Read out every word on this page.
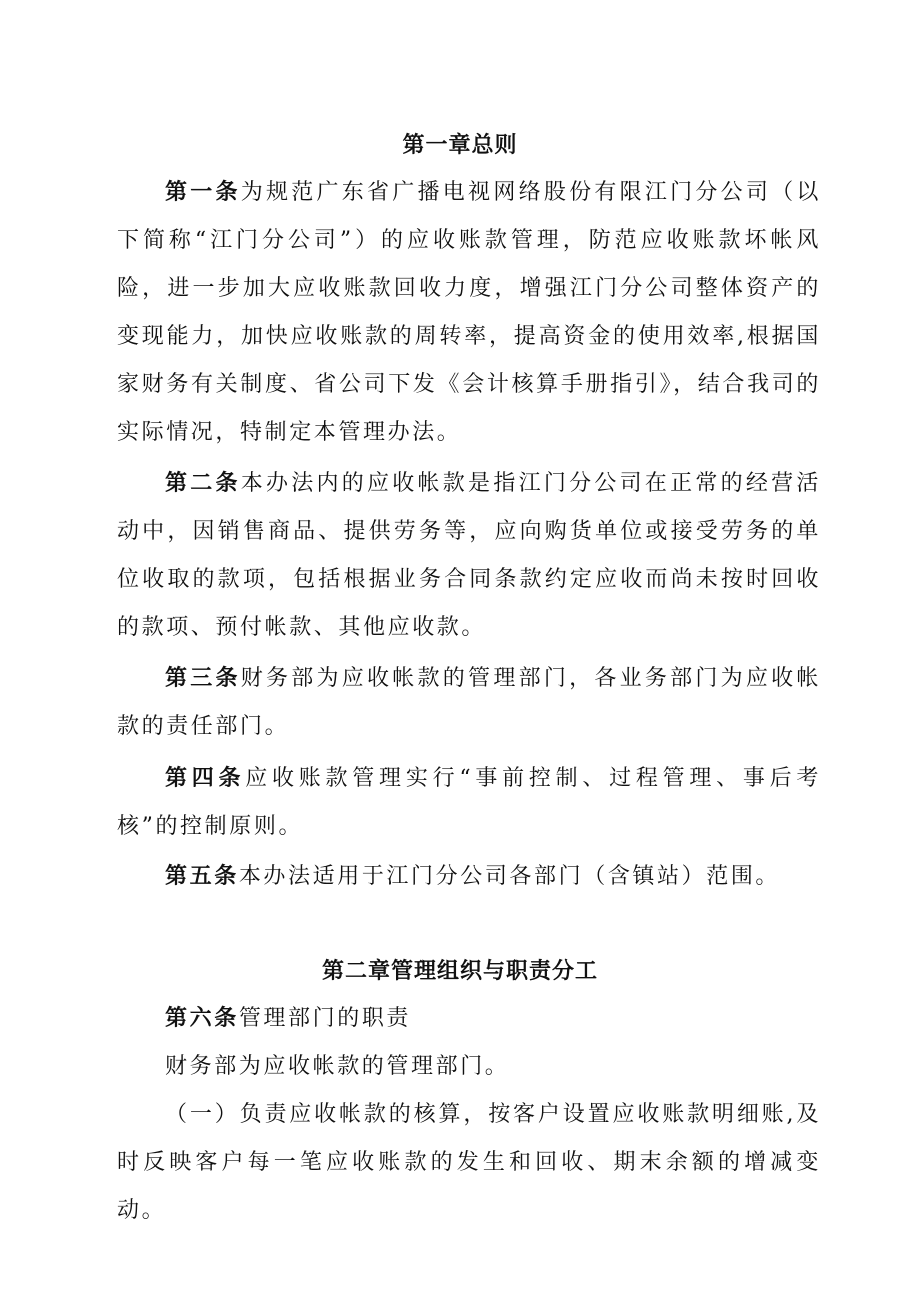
第一章总则

第一条为规范广东省广播电视网络股份有限江门分公司（以下简称“江门分公司”）的应收账款管理，防范应收账款坏帐风险，进一步加大应收账款回收力度，增强江门分公司整体资产的变现能力，加快应收账款的周转率，提高资金的使用效率,根据国家财务有关制度、省公司下发《会计核算手册指引》，结合我司的实际情况，特制定本管理办法。

第二条本办法内的应收帐款是指江门分公司在正常的经营活动中，因销售商品、提供劳务等，应向购货单位或接受劳务的单位收取的款项，包括根据业务合同条款约定应收而尚未按时回收的款项、预付帐款、其他应收款。

第三条财务部为应收帐款的管理部门，各业务部门为应收帐款的责任部门。

第四条应收账款管理实行“事前控制、过程管理、事后考核”的控制原则。

第五条本办法适用于江门分公司各部门（含镇站）范围。

第二章管理组织与职责分工

第六条管理部门的职责

财务部为应收帐款的管理部门。

（一）负责应收帐款的核算，按客户设置应收账款明细账,及时反映客户每一笔应收账款的发生和回收、期末余额的增减变动。
